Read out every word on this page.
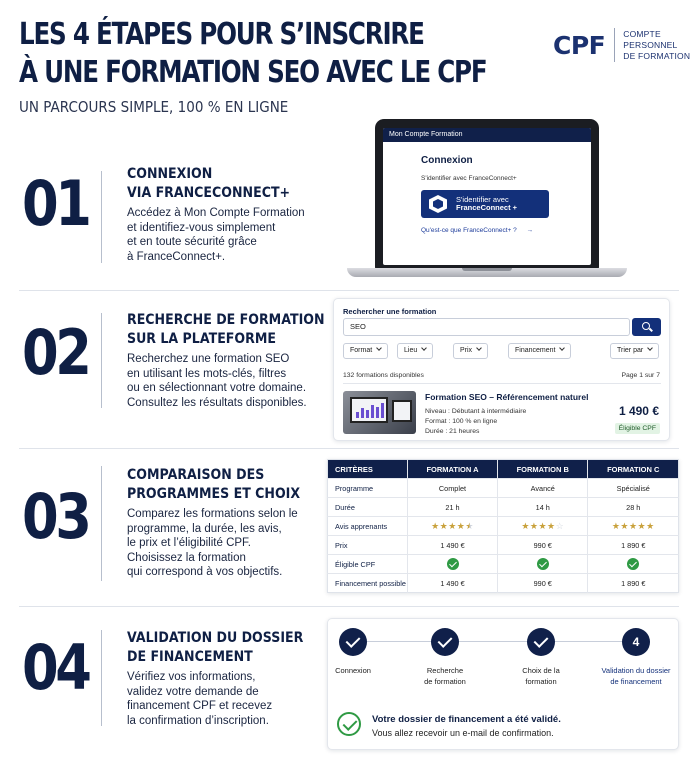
LES 4 ÉTAPES POUR S’INSCRIRE
À UNE FORMATION SEO AVEC LE CPF
UN PARCOURS SIMPLE, 100 % EN LIGNE
CPF COMPTE
PERSONNEL
DE FORMATION
01	CONNEXION
VIA FRANCECONNECT+
Accédez à Mon Compte Formation
et identifiez-vous simplement
et en toute sécurité grâce
à FranceConnect+.
Mon Compte Formation
Connexion
S'identifier avec FranceConnect+
S'identifier avec
FranceConnect +
Qu'est-ce que FranceConnect+ ? →
02	RECHERCHE DE FORMATION
SUR LA PLATEFORME
Recherchez une formation SEO
en utilisant les mots-clés, filtres
ou en sélectionnant votre domaine.
Consultez les résultats disponibles.
Rechercher une formation
SEO
Format	Lieu	Prix	Financement	Trier par
132 formations disponibles	Page 1 sur 7
Formation SEO – Référencement naturel
Niveau : Débutant à intermédiaire
Format : 100 % en ligne
Durée : 21 heures
1 490 €
Éligible CPF
03
COMPARAISON DES
PROGRAMMES ET CHOIX
Comparez les formations selon le
programme, la durée, les avis,
le prix et l’éligibilité CPF.
Choisissez la formation
qui correspond à vos objectifs.
CRITÈRES	FORMATION A	FORMATION B	FORMATION C
Programme	Complet	Avancé	Spécialisé
Durée	21 h	14 h	28 h
Avis apprenants	★★★★★	★★★★☆	★★★★★
Prix	1 490 €	990 €	1 890 €
Éligible CPF			
Financement possible	1 490 €	990 €	1 890 €
04	VALIDATION DU DOSSIER
DE FINANCEMENT
Vérifiez vos informations,
validez votre demande de
financement CPF et recevez
la confirmation d’inscription.
4
Connexion	Recherche
de formation
Choix de la
formation
Validation du dossier
de financement
Votre dossier de financement a été validé.
Vous allez recevoir un e-mail de confirmation.
